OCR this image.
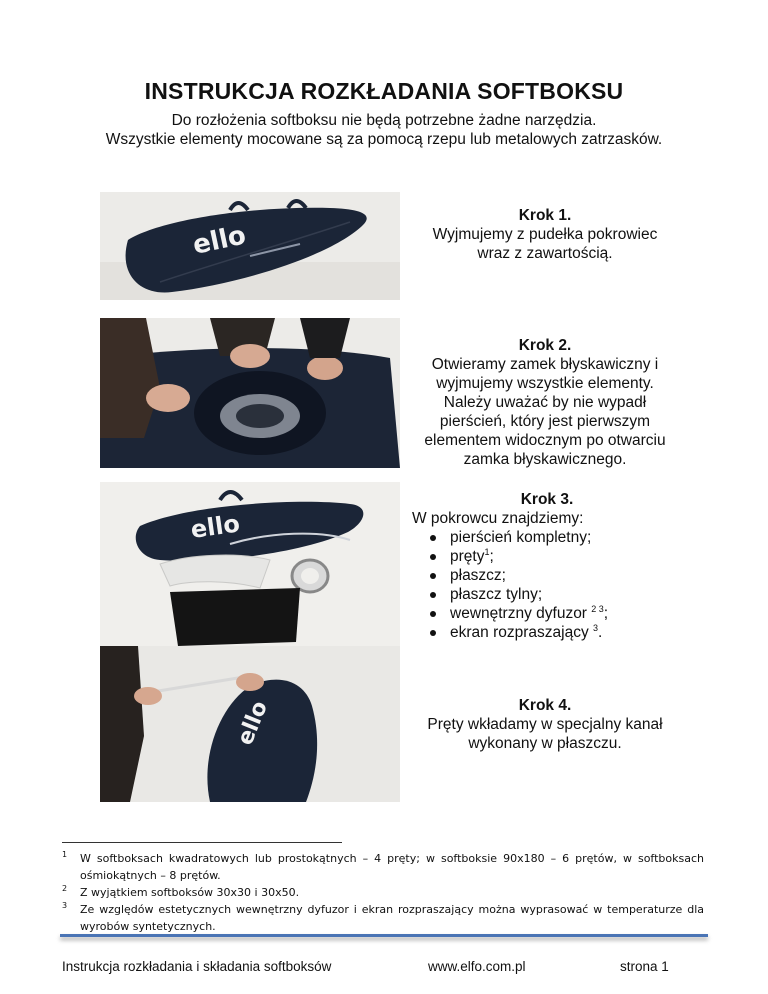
INSTRUKCJA ROZKŁADANIA SOFTBOKSU
Do rozłożenia softboksu nie będą potrzebne żadne narzędzia.
Wszystkie elementy mocowane są za pomocą rzepu lub metalowych zatrzasków.
ello
ello
ello
Krok 1.
Wyjmujemy z pudełka pokrowiec
wraz z zawartością.
Krok 2.
Otwieramy zamek błyskawiczny i
wyjmujemy wszystkie elementy.
Należy uważać by nie wypadł
pierścień, który jest pierwszym
elementem widocznym po otwarciu
zamka błyskawicznego.
Krok 3.
W pokrowcu znajdziemy:
pierścień kompletny;
pręty$^1$;
płaszcz;
płaszcz tylny;
wewnętrzny dyfuzor $^{2 3}$;
ekran rozpraszający $^3$.
Krok 4.
Pręty wkładamy w specjalny kanał
wykonany w płaszczu.
1 W softboksach kwadratowych lub prostokątnych – 4 pręty; w softboksie 90x180 – 6 prętów, w softboksach ośmiokątnych – 8 prętów.
2 Z wyjątkiem softboksów 30x30 i 30x50.
3 Ze względów estetycznych wewnętrzny dyfuzor i ekran rozpraszający można wyprasować w temperaturze dla wyrobów syntetycznych.
Instrukcja rozkładania i składania softboksów	www.elfo.com.pl	strona 1
